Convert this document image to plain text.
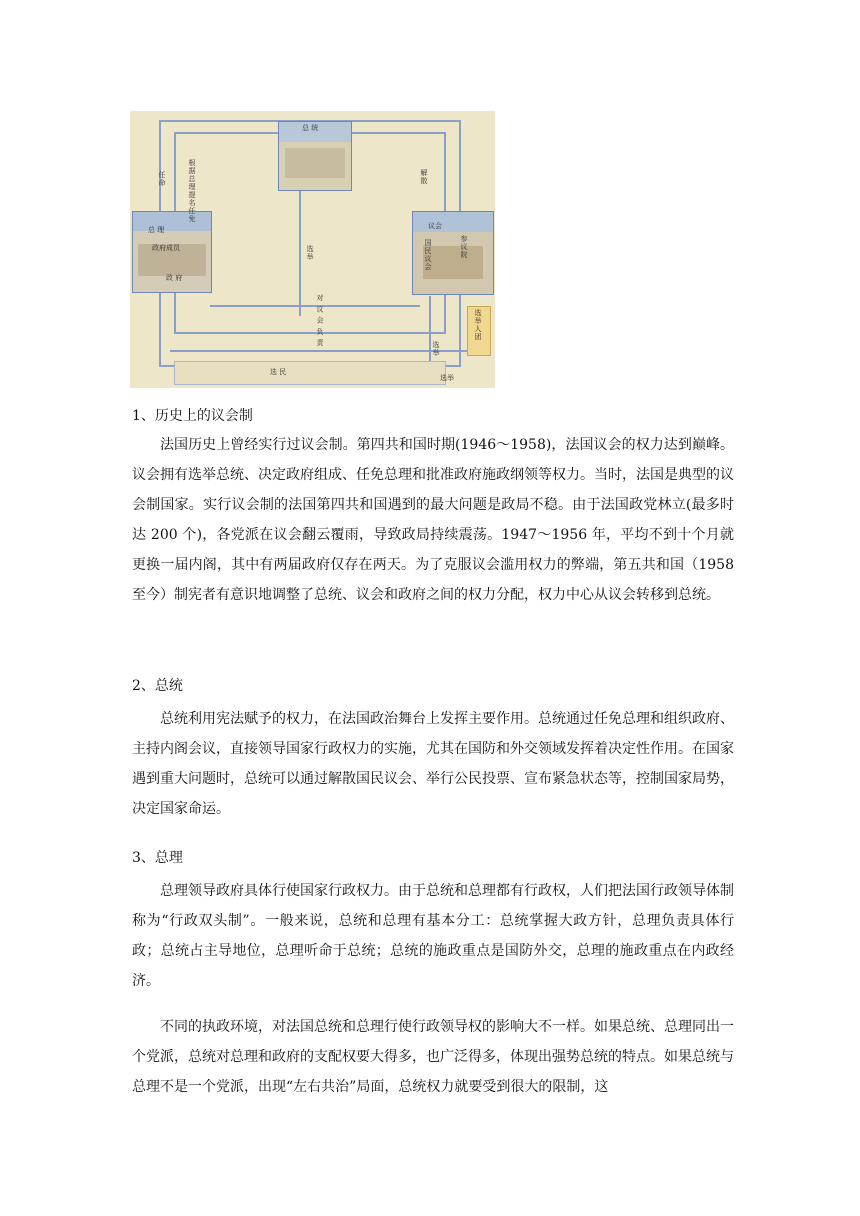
总 统
任命	根据总理提名任免	解散
总 理
政府成员
政 府
选举
议会
参议院
国民议会
对 议 会 负 责	选举人团
选 民
选举
选举
1、历史上的议会制

法国历史上曾经实行过议会制。第四共和国时期(1946～1958)，法国议会的权力达到巅峰。议会拥有选举总统、决定政府组成、任免总理和批准政府施政纲领等权力。当时，法国是典型的议会制国家。实行议会制的法国第四共和国遇到的最大问题是政局不稳。由于法国政党林立(最多时达 200 个)，各党派在议会翻云覆雨，导致政局持续震荡。1947～1956 年，平均不到十个月就更换一届内阁，其中有两届政府仅存在两天。为了克服议会滥用权力的弊端，第五共和国（1958 至今）制宪者有意识地调整了总统、议会和政府之间的权力分配，权力中心从议会转移到总统。

2、总统

总统利用宪法赋予的权力，在法国政治舞台上发挥主要作用。总统通过任免总理和组织政府、主持内阁会议，直接领导国家行政权力的实施，尤其在国防和外交领域发挥着决定性作用。在国家遇到重大问题时，总统可以通过解散国民议会、举行公民投票、宣布紧急状态等，控制国家局势，决定国家命运。

3、总理

总理领导政府具体行使国家行政权力。由于总统和总理都有行政权，人们把法国行政领导体制称为“行政双头制”。一般来说，总统和总理有基本分工：总统掌握大政方针，总理负责具体行政；总统占主导地位，总理听命于总统；总统的施政重点是国防外交，总理的施政重点在内政经济。

不同的执政环境，对法国总统和总理行使行政领导权的影响大不一样。如果总统、总理同出一个党派，总统对总理和政府的支配权要大得多，也广泛得多，体现出强势总统的特点。如果总统与总理不是一个党派，出现“左右共治”局面，总统权力就要受到很大的限制，这
